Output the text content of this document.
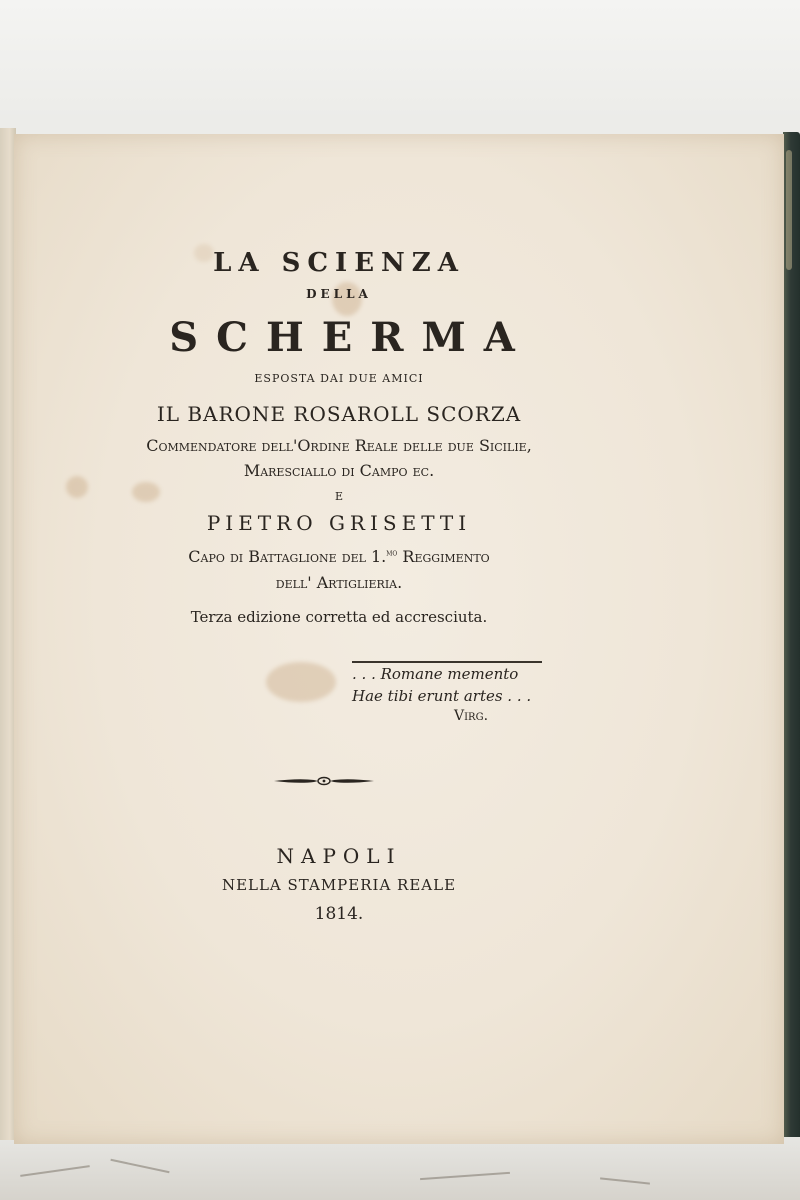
LA SCIENZA
DELLA
SCHERMA
ESPOSTA DAI DUE AMICI
IL BARONE ROSAROLL SCORZA
Commendatore dell'Ordine Reale delle due Sicilie,
Maresciallo di Campo ec.
E
PIETRO GRISETTI
Capo di Battaglione del 1.$^{mo}$ Reggimento
dell' Artiglieria.
Terza edizione corretta ed accresciuta.
. . . Romane memento
Hae tibi erunt artes . . .
Virg.
NAPOLI
NELLA STAMPERIA REALE
1814.
